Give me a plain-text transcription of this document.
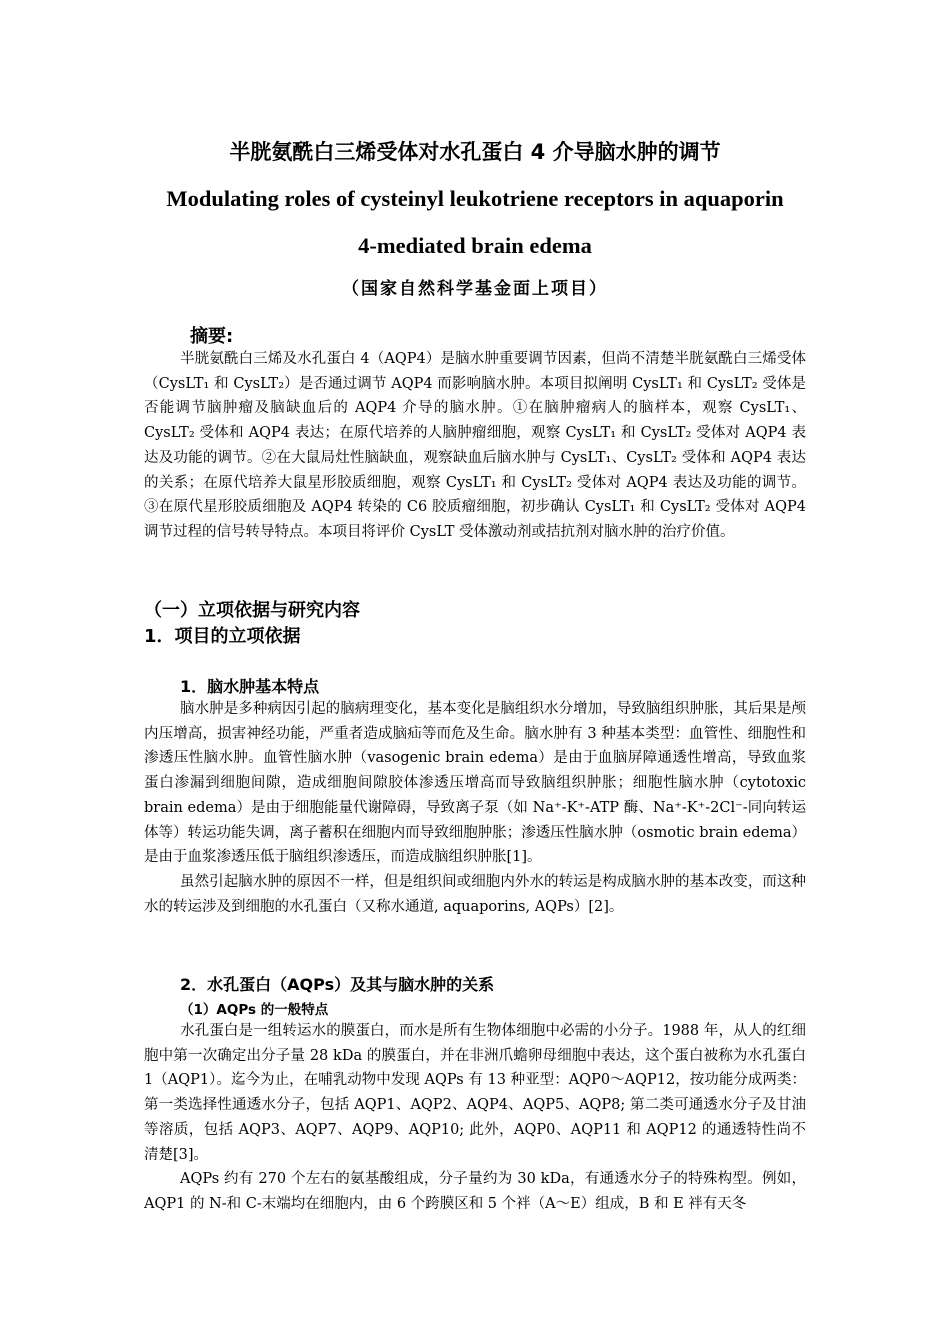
半胱氨酰白三烯受体对水孔蛋白 4 介导脑水肿的调节
Modulating roles of cysteinyl leukotriene receptors in aquaporin
4-mediated brain edema
（国家自然科学基金面上项目）
摘要:

半胱氨酰白三烯及水孔蛋白 4（AQP4）是脑水肿重要调节因素，但尚不清楚半胱氨酰白三烯受体（CysLT₁ 和 CysLT₂）是否通过调节 AQP4 而影响脑水肿。本项目拟阐明 CysLT₁ 和 CysLT₂ 受体是否能调节脑肿瘤及脑缺血后的 AQP4 介导的脑水肿。①在脑肿瘤病人的脑样本，观察 CysLT₁、CysLT₂ 受体和 AQP4 表达；在原代培养的人脑肿瘤细胞，观察 CysLT₁ 和 CysLT₂ 受体对 AQP4 表达及功能的调节。②在大鼠局灶性脑缺血，观察缺血后脑水肿与 CysLT₁、CysLT₂ 受体和 AQP4 表达的关系；在原代培养大鼠星形胶质细胞，观察 CysLT₁ 和 CysLT₂ 受体对 AQP4 表达及功能的调节。③在原代星形胶质细胞及 AQP4 转染的 C6 胶质瘤细胞，初步确认 CysLT₁ 和 CysLT₂ 受体对 AQP4 调节过程的信号转导特点。本项目将评价 CysLT 受体激动剂或拮抗剂对脑水肿的治疗价值。

（一）立项依据与研究内容
1．项目的立项依据
1．脑水肿基本特点

脑水肿是多种病因引起的脑病理变化，基本变化是脑组织水分增加，导致脑组织肿胀，其后果是颅内压增高，损害神经功能，严重者造成脑疝等而危及生命。脑水肿有 3 种基本类型：血管性、细胞性和渗透压性脑水肿。血管性脑水肿（vasogenic brain edema）是由于血脑屏障通透性增高，导致血浆蛋白渗漏到细胞间隙，造成细胞间隙胶体渗透压增高而导致脑组织肿胀；细胞性脑水肿（cytotoxic brain edema）是由于细胞能量代谢障碍，导致离子泵（如 Na⁺-K⁺-ATP 酶、Na⁺-K⁺-2Cl⁻-同向转运体等）转运功能失调，离子蓄积在细胞内而导致细胞肿胀；渗透压性脑水肿（osmotic brain edema）是由于血浆渗透压低于脑组织渗透压，而造成脑组织肿胀[1]。

虽然引起脑水肿的原因不一样，但是组织间或细胞内外水的转运是构成脑水肿的基本改变，而这种水的转运涉及到细胞的水孔蛋白（又称水通道, aquaporins, AQPs）[2]。

2．水孔蛋白（AQPs）及其与脑水肿的关系
（1）AQPs 的一般特点

水孔蛋白是一组转运水的膜蛋白，而水是所有生物体细胞中必需的小分子。1988 年，从人的红细胞中第一次确定出分子量 28 kDa 的膜蛋白，并在非洲爪蟾卵母细胞中表达，这个蛋白被称为水孔蛋白 1（AQP1）。迄今为止，在哺乳动物中发现 AQPs 有 13 种亚型：AQP0～AQP12，按功能分成两类：第一类选择性通透水分子，包括 AQP1、AQP2、AQP4、AQP5、AQP8; 第二类可通透水分子及甘油等溶质，包括 AQP3、AQP7、AQP9、AQP10; 此外，AQP0、AQP11 和 AQP12 的通透特性尚不清楚[3]。

AQPs 约有 270 个左右的氨基酸组成，分子量约为 30 kDa，有通透水分子的特殊构型。例如，AQP1 的 N-和 C-末端均在细胞内，由 6 个跨膜区和 5 个袢（A～E）组成，B 和 E 袢有天冬
